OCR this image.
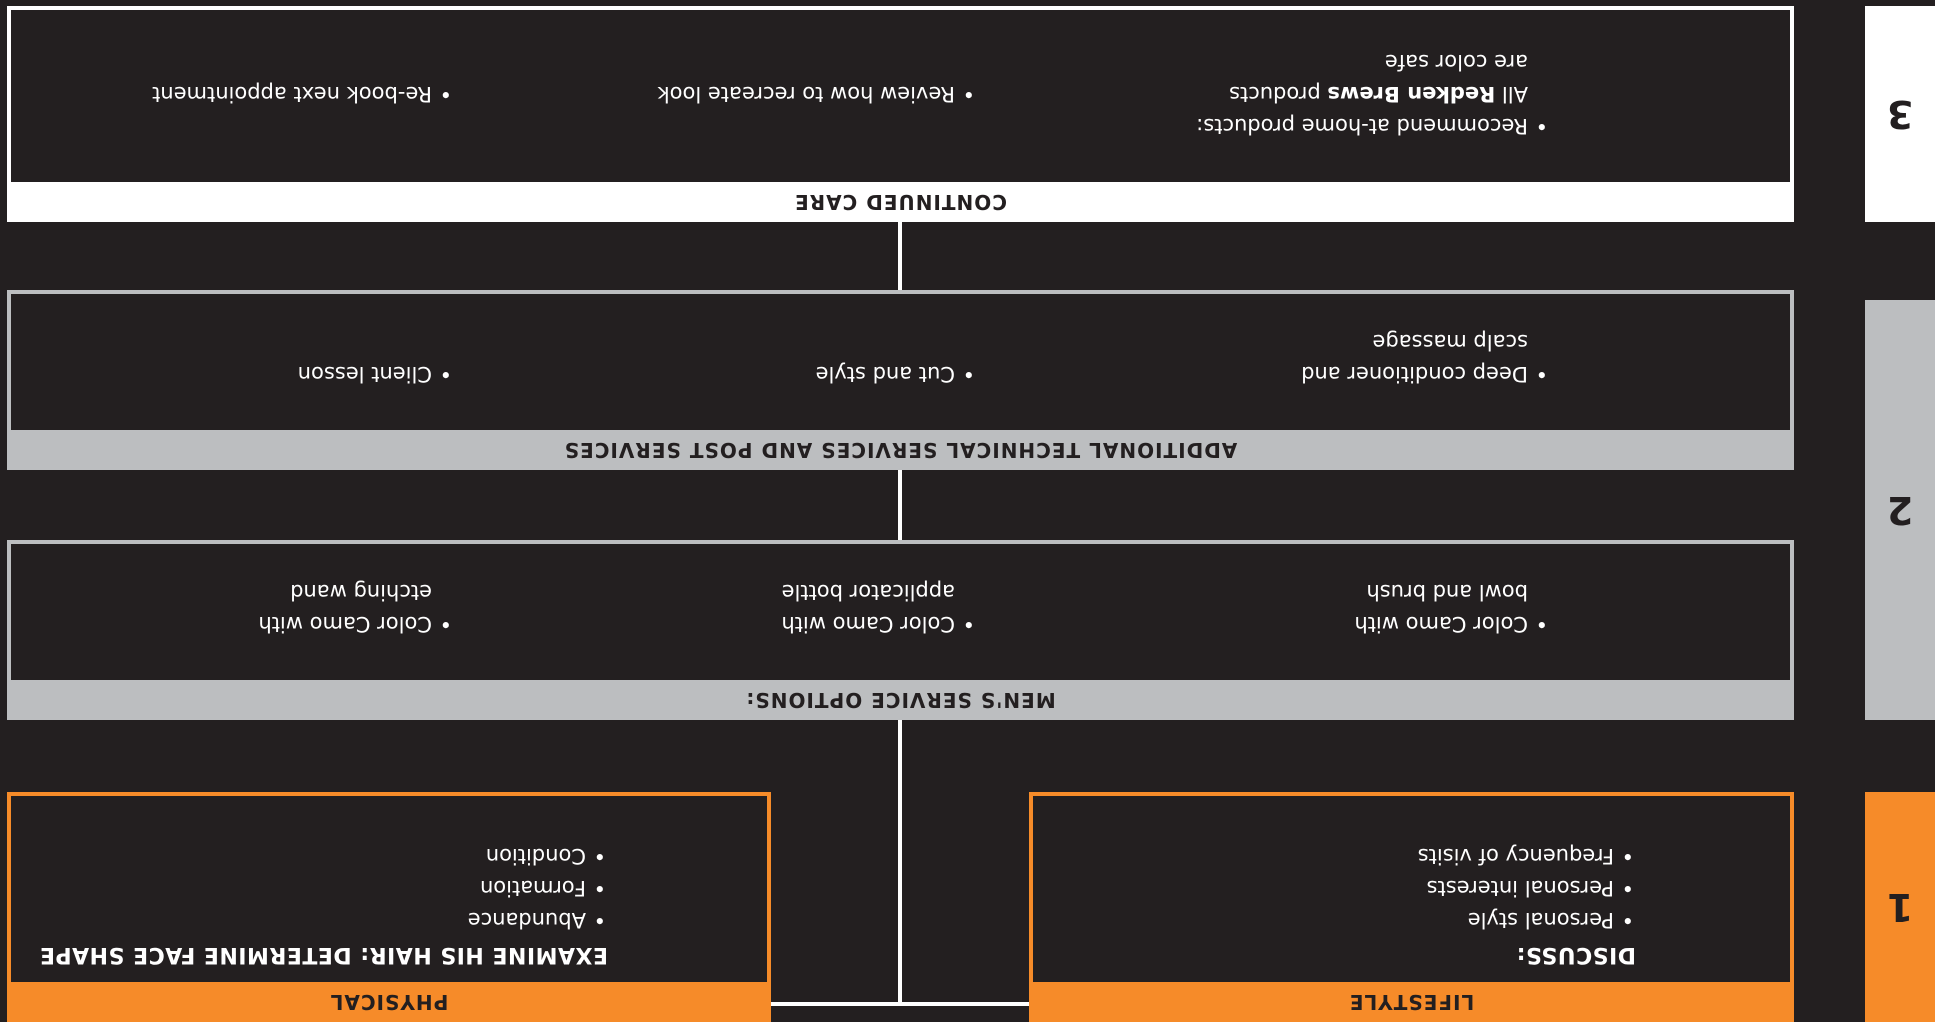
1
2
3
LIFESTYLE
DISCUSS:
• Personal style
• Personal interests
• Frequency of visits
PHYSICAL
EXAMINE HIS HAIR: DETERMINE FACE SHAPE
• Abundance
• Formation
• Condition
MEN'S SERVICE OPTIONS:
• Color Camo with
bowl and brush
• Color Camo with
applicator bottle
• Color Camo with
etching wand
ADDITIONAL TECHNICAL SERVICES AND POST SERVICES
• Deep conditioner and
scalp massage
• Cut and style
• Client lesson
CONTINUED CARE
• Recommend at-home products:
All Redken Brews products
are color safe
• Review how to recreate look
• Re-book next appointment
